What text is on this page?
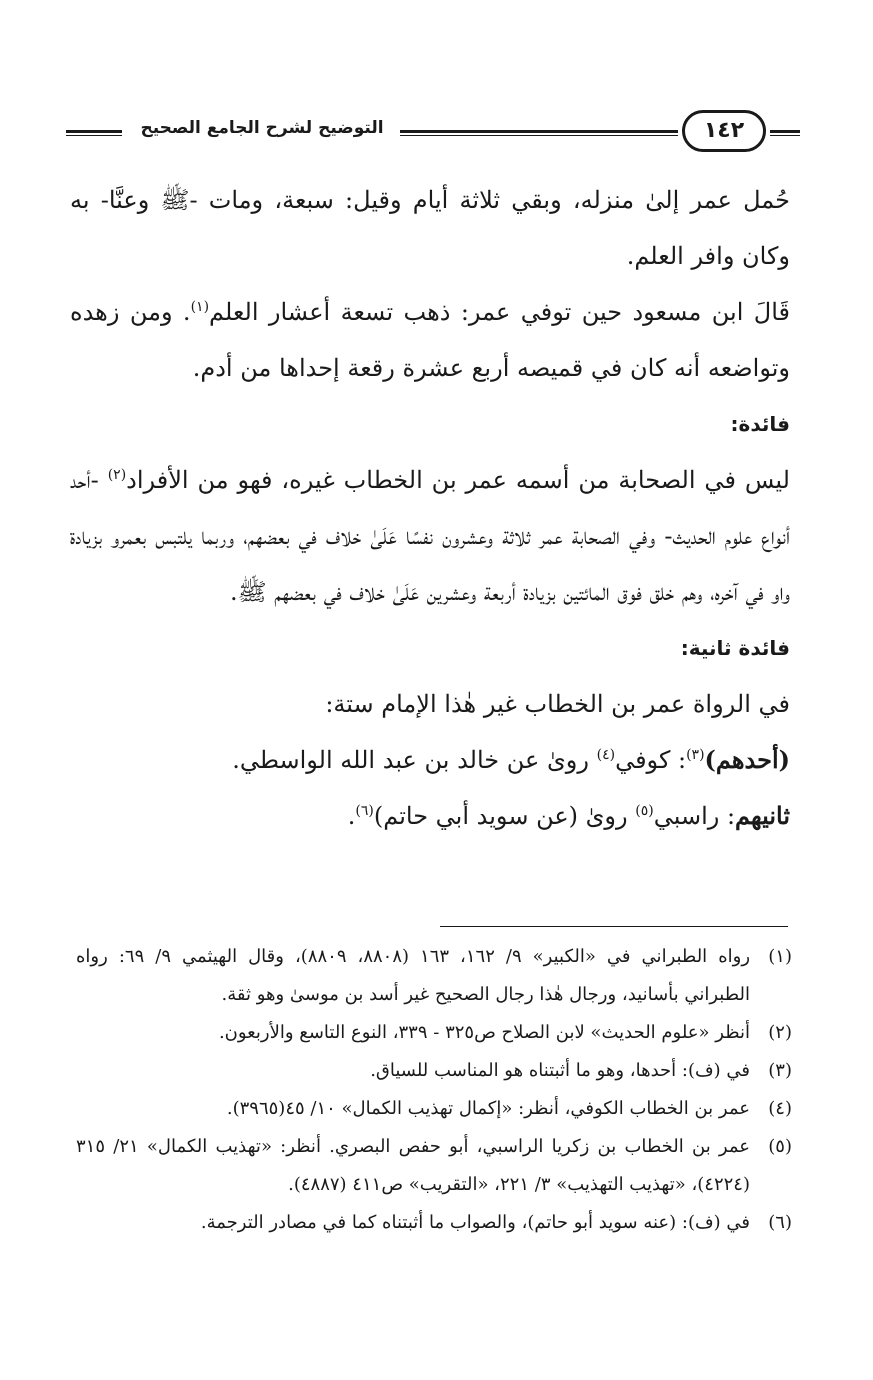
التوضيح لشرح الجامع الصحيح	١٤٢

حُمل عمر إلىٰ منزله، وبقي ثلاثة أيام وقيل: سبعة، ومات -ﷺ وعنَّا- به وكان وافر العلم.

قَالَ ابن مسعود حين توفي عمر: ذهب تسعة أعشار العلم$^{(١)}$. ومن زهده وتواضعه أنه كان في قميصه أربع عشرة رقعة إحداها من أدم.

فائدة:

ليس في الصحابة من أسمه عمر بن الخطاب غيره، فهو من الأفراد$^{(٢)}$ -أحد أنواع علوم الحديث- وفي الصحابة عمر ثلاثة وعشرون نفسًا عَلَىٰ خلاف في بعضهم، وربما يلتبس بعمرو بزيادة واو في آخره، وهم خلق فوق المائتين بزيادة أربعة وعشرين عَلَىٰ خلاف في بعضهم ﷺ.

فائدة ثانية:

في الرواة عمر بن الخطاب غير هٰذا الإمام ستة:

(أحدهم)$^{(٣)}$: كوفي$^{(٤)}$ روىٰ عن خالد بن عبد الله الواسطي.

ثانيهم: راسبي$^{(٥)}$ روىٰ (عن سويد أبي حاتم)$^{(٦)}$.

(١)
رواه الطبراني في «الكبير» ٩/ ١٦٢، ١٦٣ (٨٨٠٨، ٨٨٠٩)، وقال الهيثمي ٩/ ٦٩: رواه الطبراني بأسانيد، ورجال هٰذا رجال الصحيح غير أسد بن موسىٰ وهو ثقة.
(٢)
أنظر «علوم الحديث» لابن الصلاح ص٣٢٥ - ٣٣٩، النوع التاسع والأربعون.
(٣)
في (ف): أحدها، وهو ما أثبتناه هو المناسب للسياق.
(٤)
عمر بن الخطاب الكوفي، أنظر: «إكمال تهذيب الكمال» ١٠/ ٤٥(٣٩٦٥).
(٥)
عمر بن الخطاب بن زكريا الراسبي، أبو حفص البصري. أنظر: «تهذيب الكمال» ٢١/ ٣١٥ (٤٢٢٤)، «تهذيب التهذيب» ٣/ ٢٢١، «التقريب» ص٤١١ (٤٨٨٧).
(٦)
في (ف): (عنه سويد أبو حاتم)، والصواب ما أثبتناه كما في مصادر الترجمة.
